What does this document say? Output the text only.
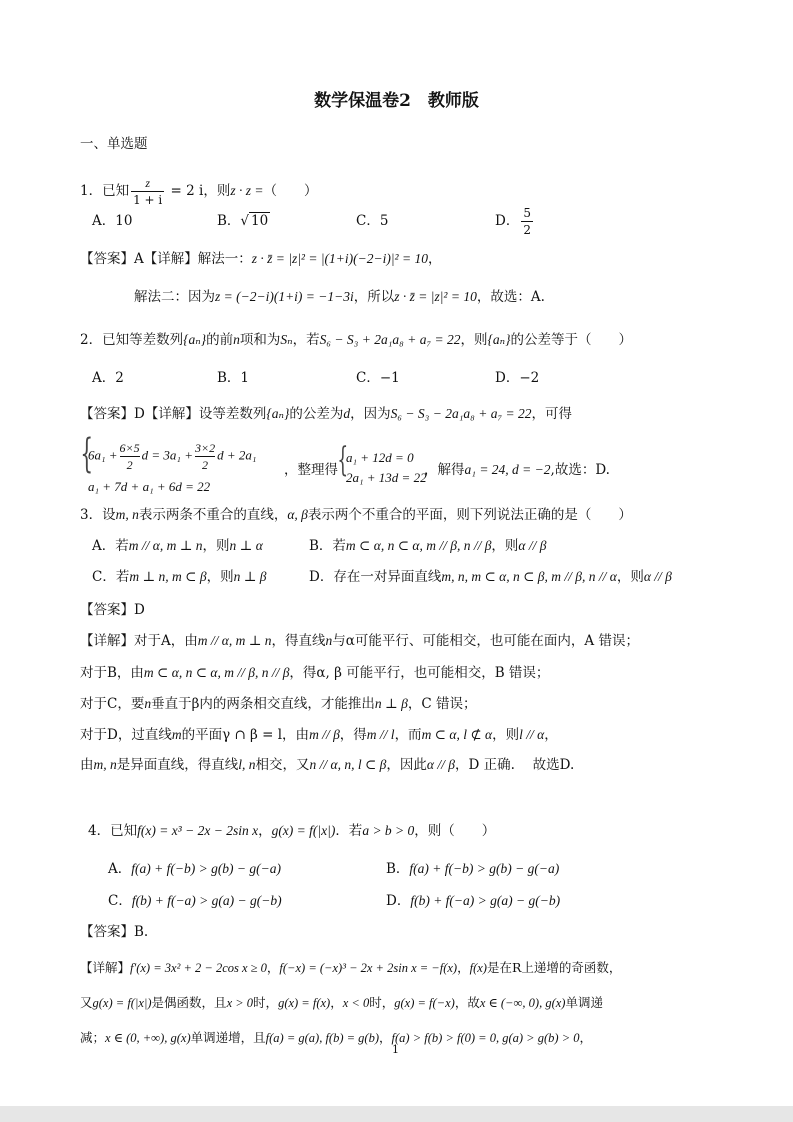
数学保温卷2　教师版
一、单选题
1．已知 $\frac{z}{1 + i} = 2$ i，则z · z =（　　）
A．10	B．√ 10	C．5	D． $\frac{5}{2}$
【答案】A【详解】解法一：z · z̄ = |z|² = |(1+i)(−2−i)|² = 10，
解法二：因为z = (−2−i)(1+i) = −1−3i，所以z · z̄ = |z|² = 10，故选：A.
2．已知等差数列{aₙ}的前n项和为Sₙ，若S₆ − S₃ + 2a₁a₈ + a₇ = 22，则{aₙ}的公差等于（　　）
A．2	B．1	C．−1	D．−2
【答案】D【详解】设等差数列{aₙ}的公差为d，因为S₆ − S₃ − 2a₁a₈ + a₇ = 22，可得
{
$6a_1 + \frac{6\times 5}{2}$ $d = 3a_1 + \frac{3\times 2}{2}$ d + 2a₁
a₁ + 7d + a₁ + 6d = 22
，整理得 {
a₁ + 12d = 0
2a₁ + 13d = 22
，解得a₁ = 24, d = −2,故选：D.
3．设m, n表示两条不重合的直线，α, β表示两个不重合的平面，则下列说法正确的是（　　）
A．若m // α, m ⊥ n，则n ⊥ α	B．若m ⊂ α, n ⊂ α, m // β, n // β，则α // β
C．若m ⊥ n, m ⊂ β，则n ⊥ β	D．存在一对异面直线m, n, m ⊂ α, n ⊂ β, m // β, n // α，则α // β
【答案】D
【详解】对于A，由m // α, m ⊥ n，得直线n与α可能平行、可能相交，也可能在面内，A 错误；
对于B，由m ⊂ α, n ⊂ α, m // β, n // β，得α, β 可能平行，也可能相交，B 错误；
对于C，要n垂直于β内的两条相交直线，才能推出n ⊥ β，C 错误；
对于D，过直线m的平面γ ∩ β = l，由m // β，得m // l，而m ⊂ α, l ⊄ α，则l // α，
由m, n是异面直线，得直线l, n相交，又n // α, n, l ⊂ β，因此α // β，D 正确.　 故选D.
4．已知f(x) = x³ − 2x − 2sin x，g(x) = f(|x|)．若a > b > 0，则（　　）
A．f(a) + f(−b) > g(b) − g(−a)	B．f(a) + f(−b) > g(b) − g(−a)
C．f(b) + f(−a) > g(a) − g(−b)	D．f(b) + f(−a) > g(a) − g(−b)
【答案】B.
【详解】f′(x) = 3x² + 2 − 2cos x ≥ 0，f(−x) = (−x)³ − 2x + 2sin x = −f(x)，f(x)是在R上递增的奇函数，
又g(x) = f(|x|)是偶函数，且x > 0时，g(x) = f(x)，x < 0时，g(x) = f(−x)，故x ∈ (−∞, 0), g(x)单调递
减；x ∈ (0, +∞), g(x)单调递增，且f(a) = g(a), f(b) = g(b)，f(a) > f(b) > f(0) = 0, g(a) > g(b) > 0，
1
